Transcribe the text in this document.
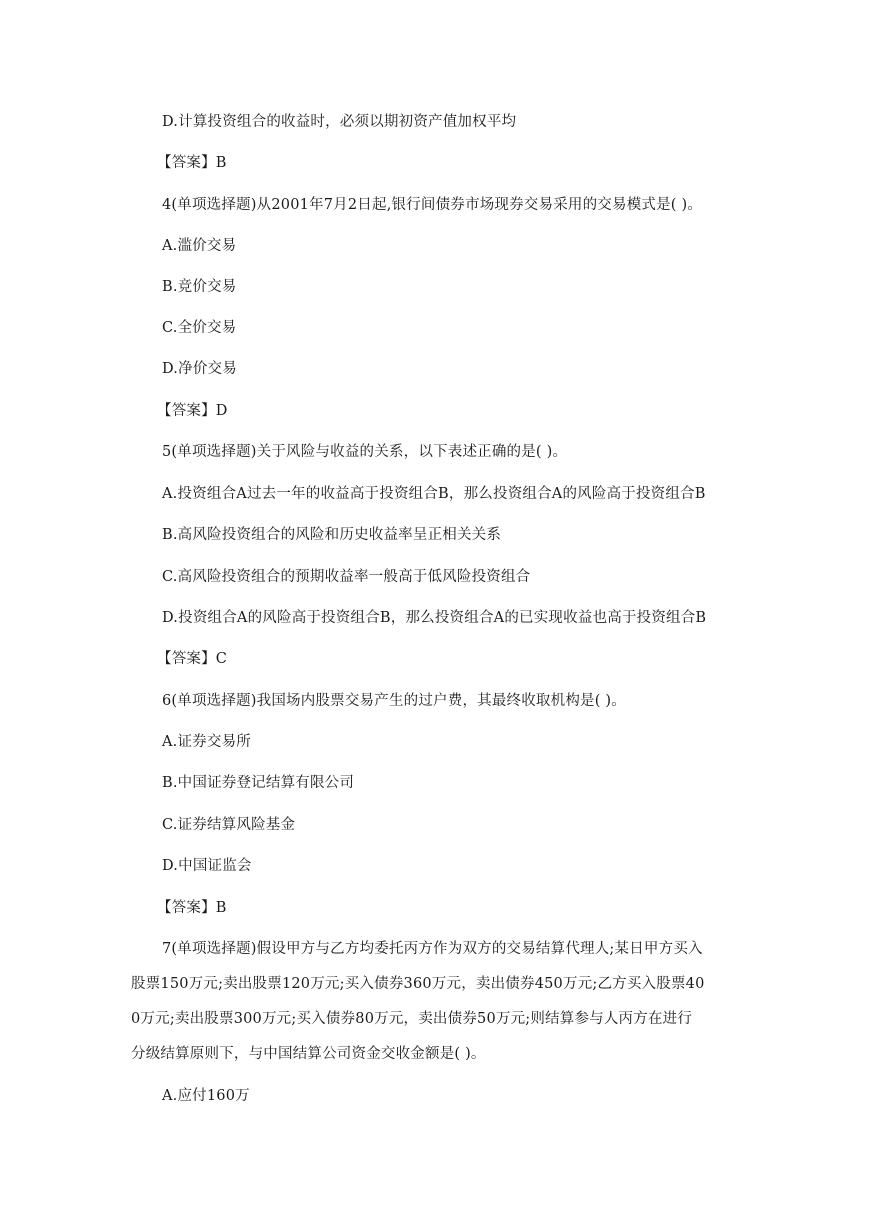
D.计算投资组合的收益时，必须以期初资产值加权平均
【答案】B
4(单项选择题)从2001年7月2日起,银行间债券市场现券交易采用的交易模式是( )。
A.滥价交易
B.竞价交易
C.全价交易
D.净价交易
【答案】D
5(单项选择题)关于风险与收益的关系，以下表述正确的是( )。
A.投资组合A过去一年的收益高于投资组合B，那么投资组合A的风险高于投资组合B
B.高风险投资组合的风险和历史收益率呈正相关关系
C.高风险投资组合的预期收益率一般高于低风险投资组合
D.投资组合A的风险高于投资组合B，那么投资组合A的已实现收益也高于投资组合B
【答案】C
6(单项选择题)我国场内股票交易产生的过户费，其最终收取机构是( )。
A.证券交易所
B.中国证券登记结算有限公司
C.证券结算风险基金
D.中国证监会
【答案】B
7(单项选择题)假设甲方与乙方均委托丙方作为双方的交易结算代理人;某日甲方买入
股票150万元;卖出股票120万元;买入债券360万元，卖出债券450万元;乙方买入股票40
0万元;卖出股票300万元;买入债券80万元，卖出债券50万元;则结算参与人丙方在进行
分级结算原则下，与中国结算公司资金交收金额是( )。
A.应付160万
